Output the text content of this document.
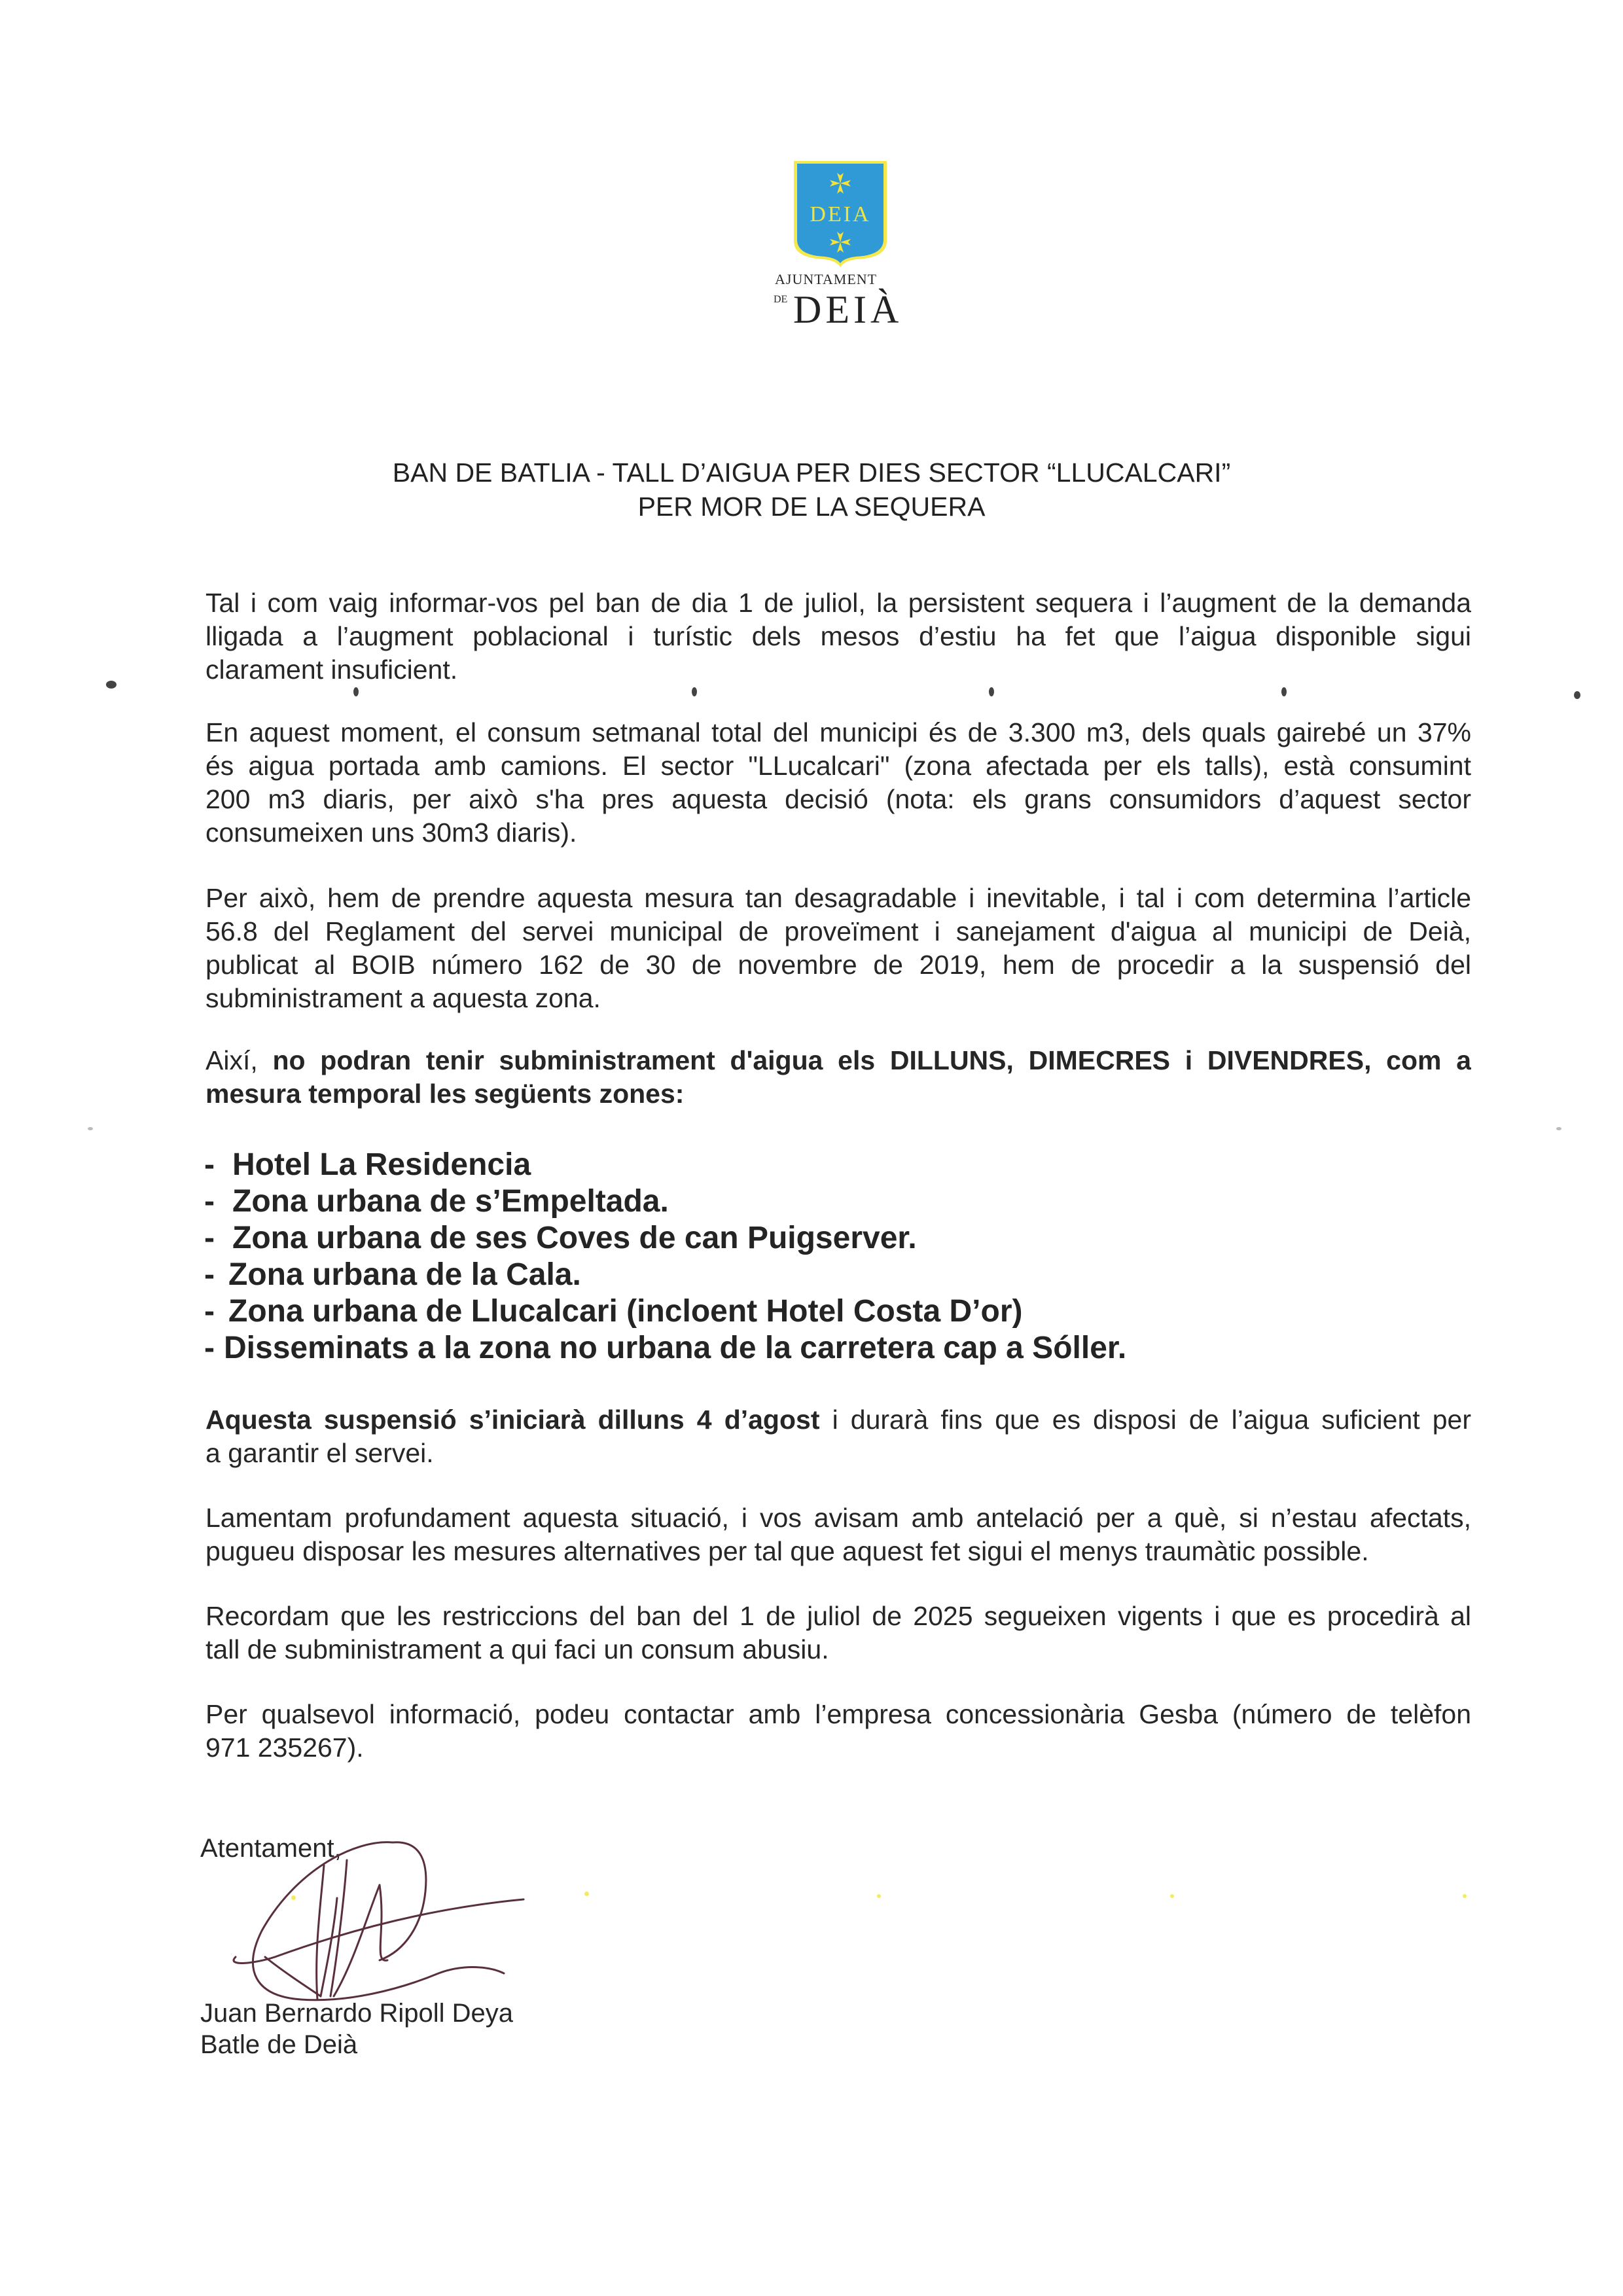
DEIA
AJUNTAMENT
DE DEIÀ
BAN DE BATLIA - TALL D’AIGUA PER DIES SECTOR “LLUCALCARI”
PER MOR DE LA SEQUERA
Tal i com vaig informar-vos pel ban de dia 1 de juliol, la persistent sequera i l’augment de la demanda
lligada a l’augment poblacional i turístic dels mesos d’estiu ha fet que l’aigua disponible sigui
clarament insuficient.
En aquest moment, el consum setmanal total del municipi és de 3.300 m3, dels quals gairebé un 37%
és aigua portada amb camions. El sector "LLucalcari" (zona afectada per els talls), està consumint
200 m3 diaris, per això s'ha pres aquesta decisió (nota: els grans consumidors d’aquest sector
consumeixen uns 30m3 diaris).
Per això, hem de prendre aquesta mesura tan desagradable i inevitable, i tal i com determina l’article
56.8 del Reglament del servei municipal de proveïment i sanejament d'aigua al municipi de Deià,
publicat al BOIB número 162 de 30 de novembre de 2019, hem de procedir a la suspensió del
subministrament a aquesta zona.
Així, no podran tenir subministrament d'aigua els DILLUNS, DIMECRES i DIVENDRES, com a
mesura temporal les següents zones:
- Hotel La Residencia
- Zona urbana de s’Empeltada.
- Zona urbana de ses Coves de can Puigserver.
- Zona urbana de la Cala.
- Zona urbana de Llucalcari (incloent Hotel Costa D’or)
- Disseminats a la zona no urbana de la carretera cap a Sóller.
Aquesta suspensió s’iniciarà dilluns 4 d’agost i durarà fins que es disposi de l’aigua suficient per
a garantir el servei.
Lamentam profundament aquesta situació, i vos avisam amb antelació per a què, si n’estau afectats,
pugueu disposar les mesures alternatives per tal que aquest fet sigui el menys traumàtic possible.
Recordam que les restriccions del ban del 1 de juliol de 2025 segueixen vigents i que es procedirà al
tall de subministrament a qui faci un consum abusiu.
Per qualsevol informació, podeu contactar amb l’empresa concessionària Gesba (número de telèfon
971 235267).
Atentament,
Juan Bernardo Ripoll Deya
Batle de Deià
